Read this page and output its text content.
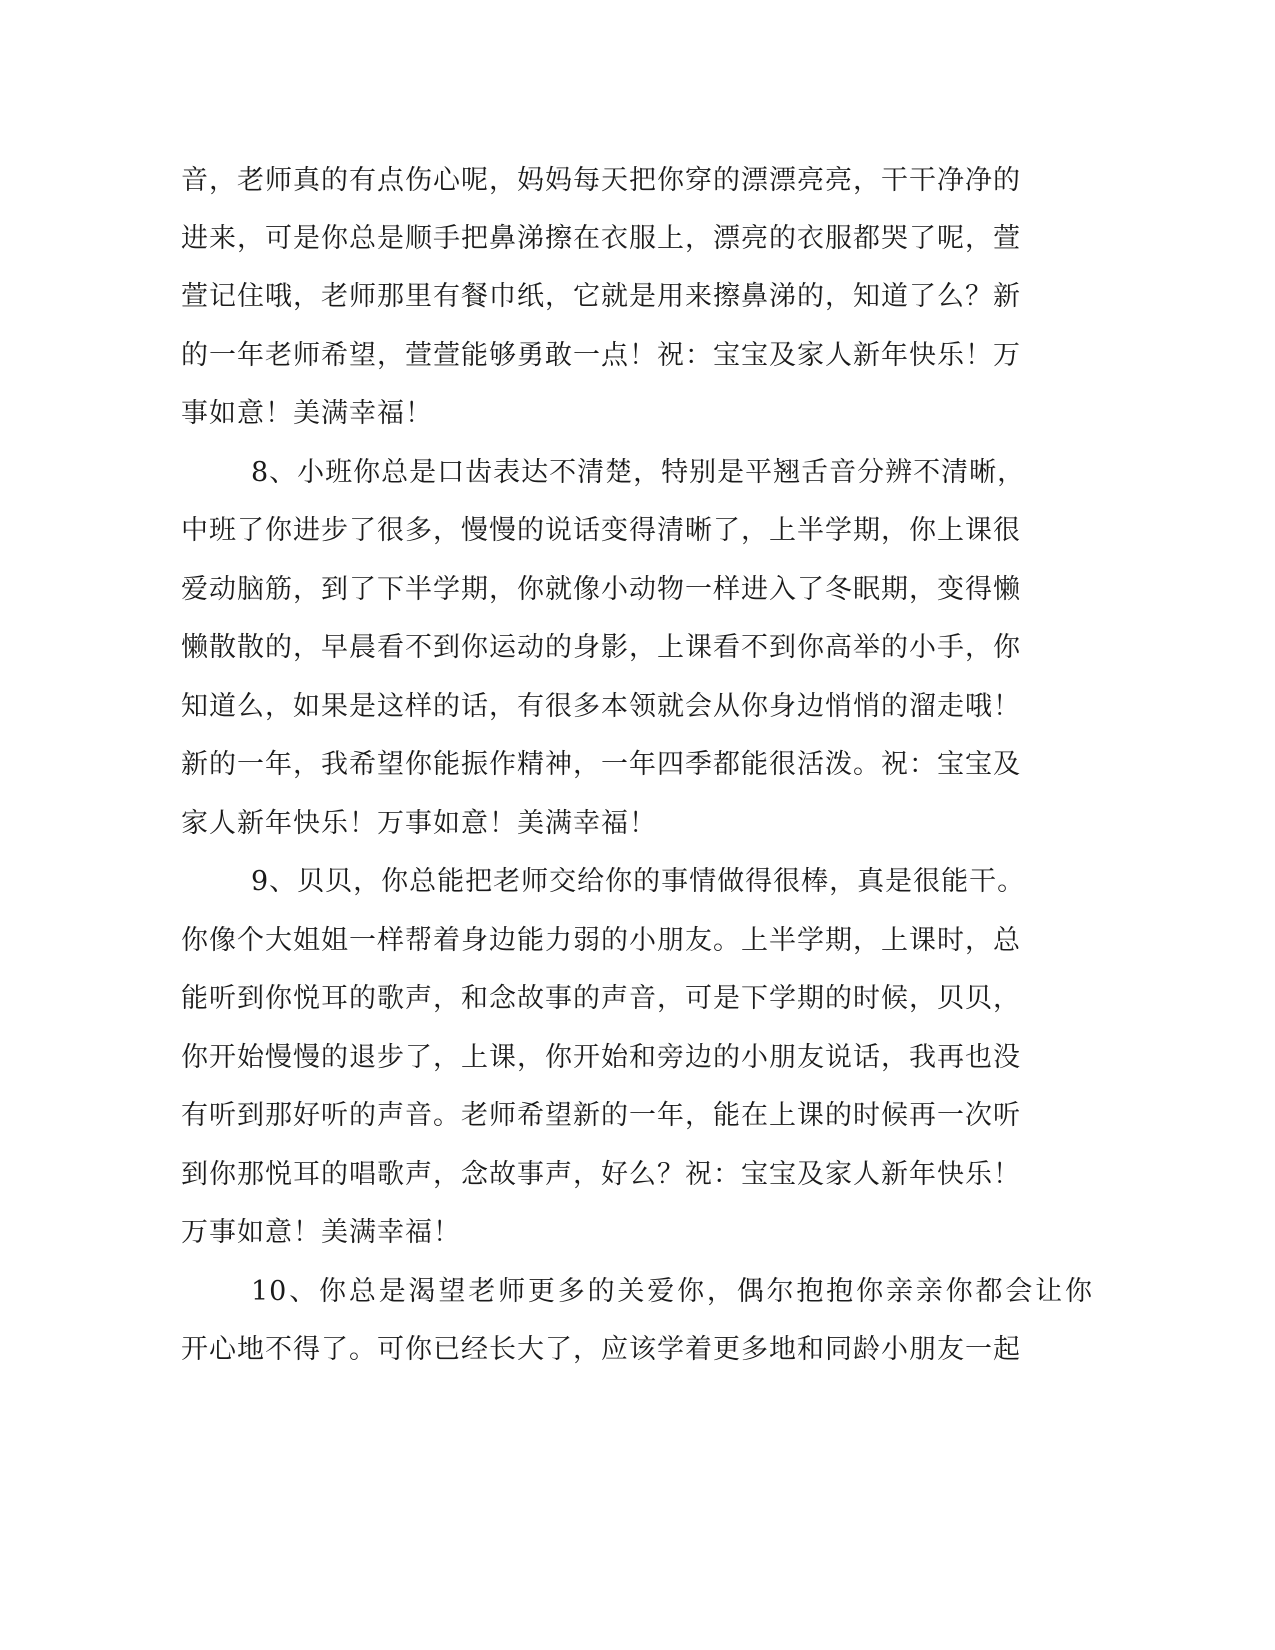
音，老师真的有点伤心呢，妈妈每天把你穿的漂漂亮亮，干干净净的
进来，可是你总是顺手把鼻涕擦在衣服上，漂亮的衣服都哭了呢，萱
萱记住哦，老师那里有餐巾纸，它就是用来擦鼻涕的，知道了么？新
的一年老师希望，萱萱能够勇敢一点！祝：宝宝及家人新年快乐！万
事如意！美满幸福！
8、小班你总是口齿表达不清楚，特别是平翘舌音分辨不清晰，
中班了你进步了很多，慢慢的说话变得清晰了，上半学期，你上课很
爱动脑筋，到了下半学期，你就像小动物一样进入了冬眠期，变得懒
懒散散的，早晨看不到你运动的身影，上课看不到你高举的小手，你
知道么，如果是这样的话，有很多本领就会从你身边悄悄的溜走哦！
新的一年，我希望你能振作精神，一年四季都能很活泼。祝：宝宝及
家人新年快乐！万事如意！美满幸福！
9、贝贝，你总能把老师交给你的事情做得很棒，真是很能干。
你像个大姐姐一样帮着身边能力弱的小朋友。上半学期，上课时，总
能听到你悦耳的歌声，和念故事的声音，可是下学期的时候，贝贝，
你开始慢慢的退步了，上课，你开始和旁边的小朋友说话，我再也没
有听到那好听的声音。老师希望新的一年，能在上课的时候再一次听
到你那悦耳的唱歌声，念故事声，好么？祝：宝宝及家人新年快乐！
万事如意！美满幸福！
10、你总是渴望老师更多的关爱你，偶尔抱抱你亲亲你都会让你
开心地不得了。可你已经长大了，应该学着更多地和同龄小朋友一起
